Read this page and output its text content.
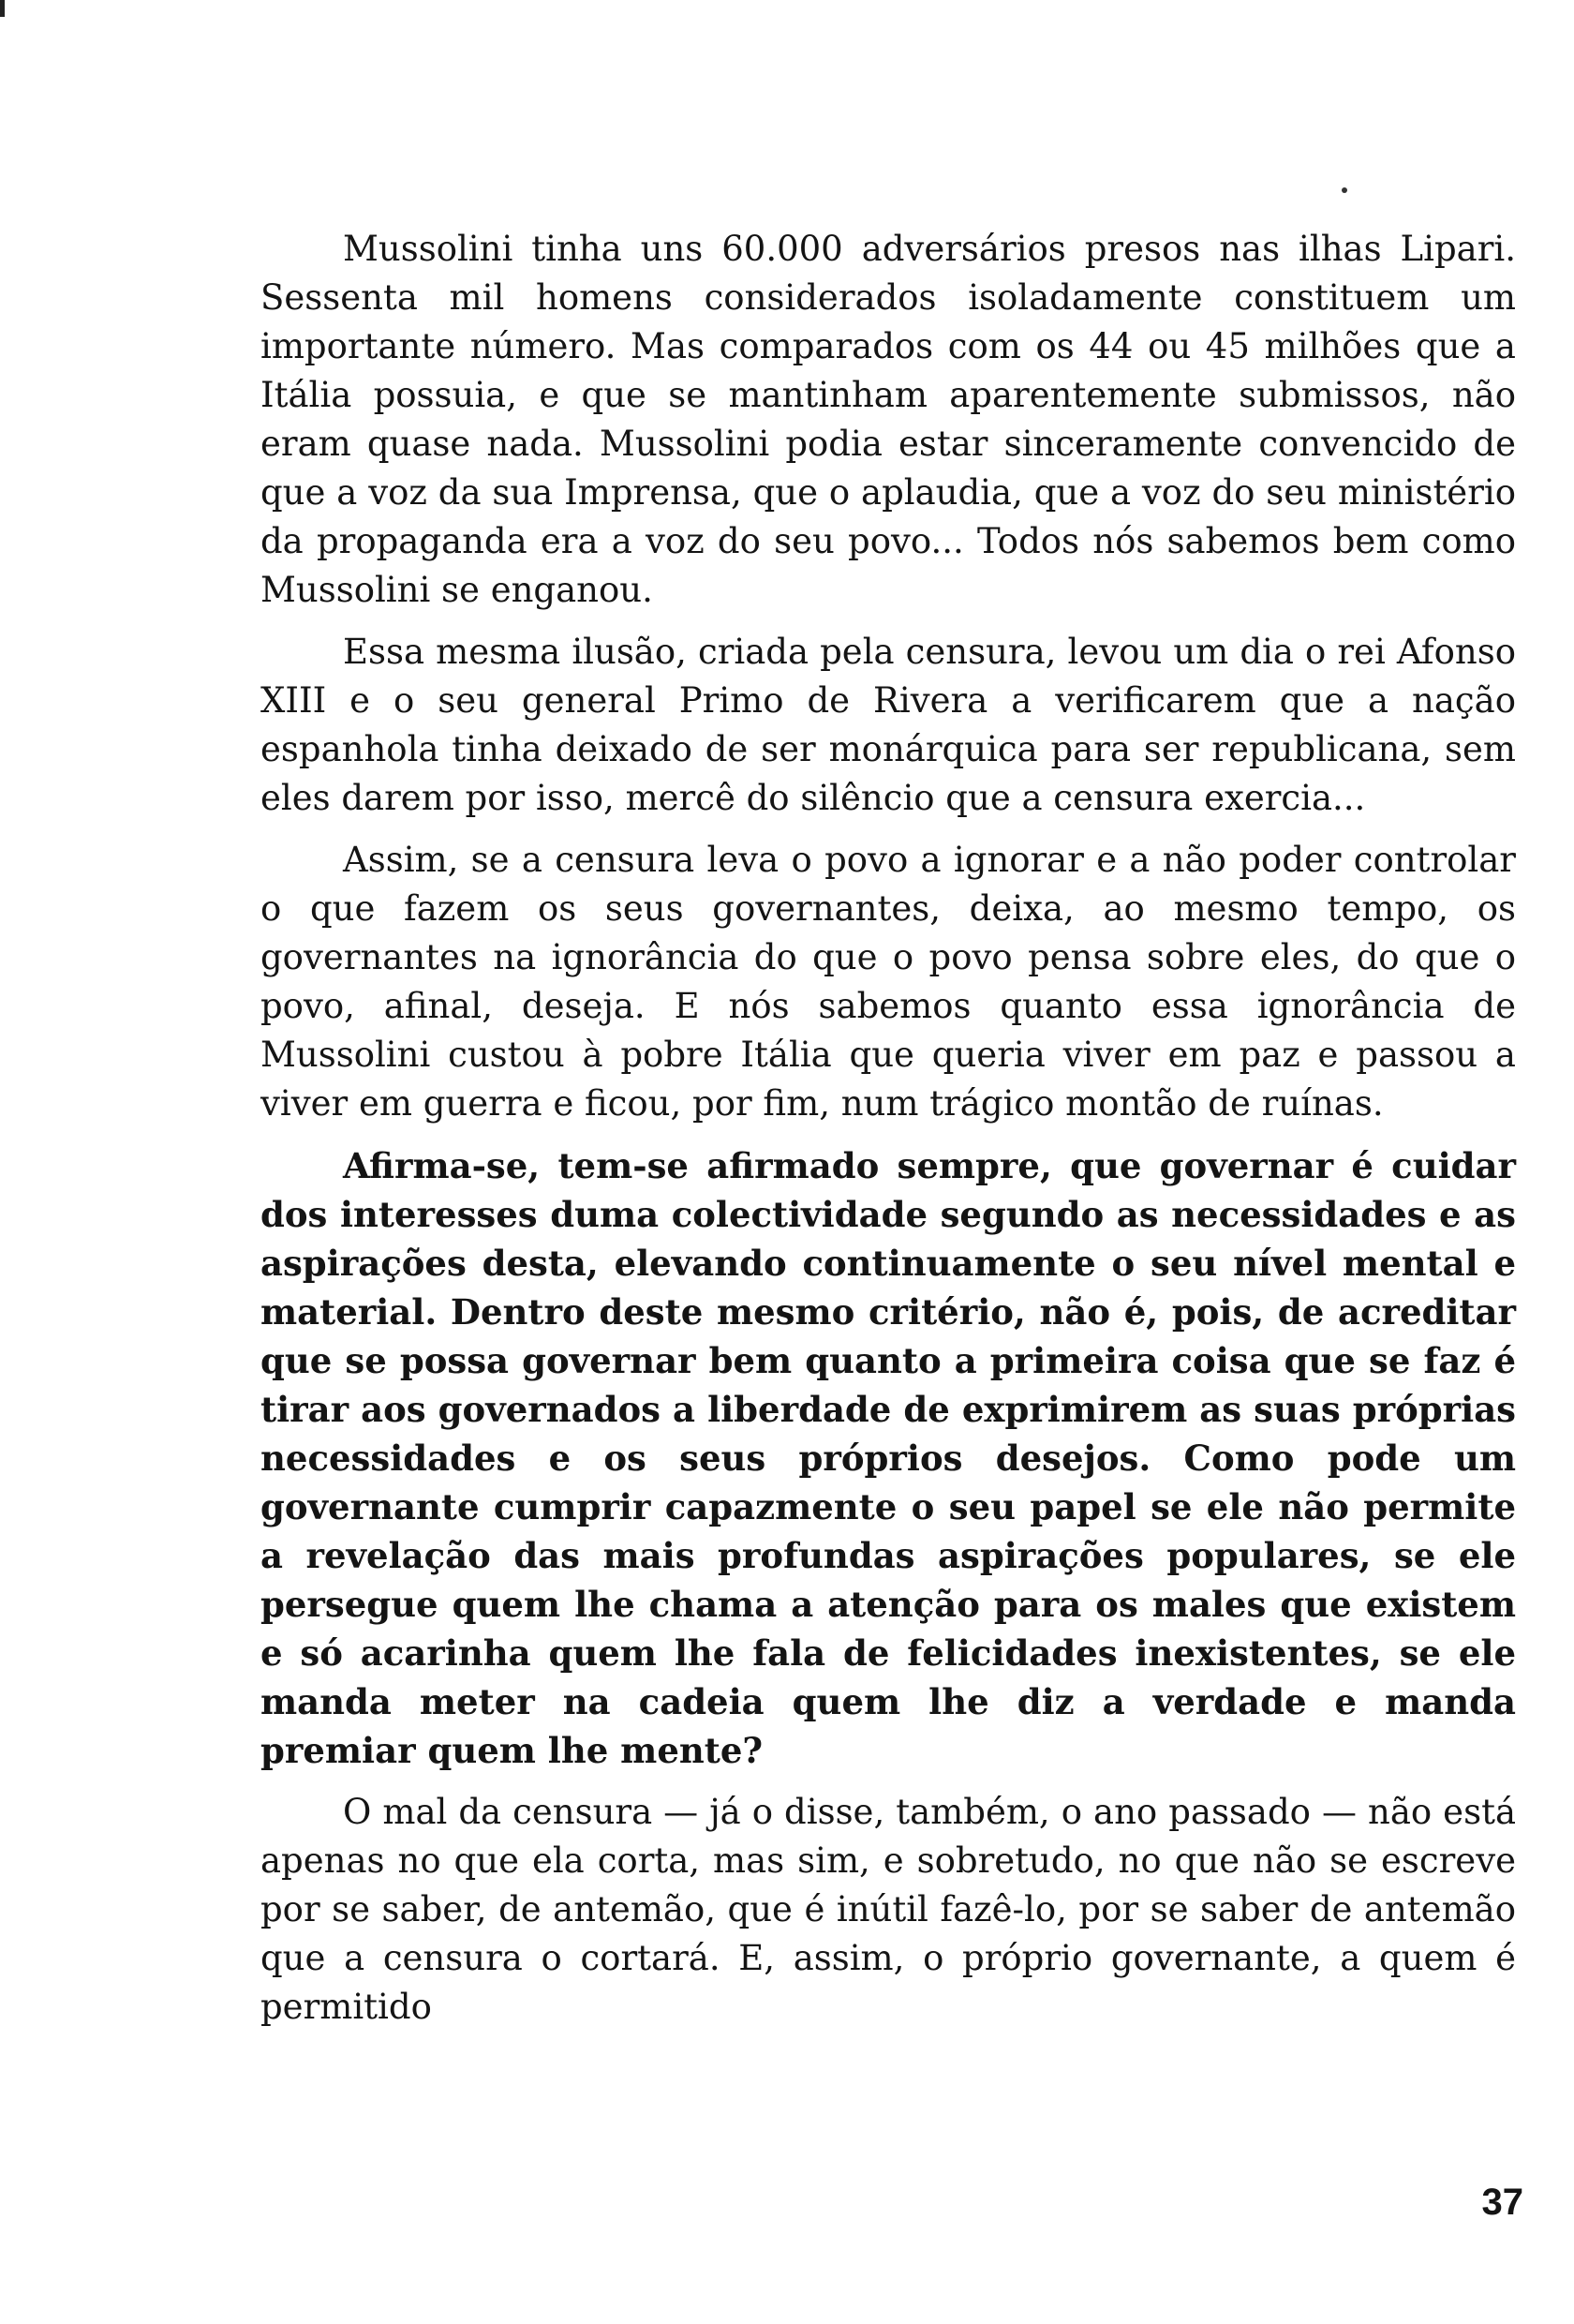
Mussolini tinha uns 60.000 adversários presos nas ilhas Lipari. Sessenta mil homens considerados isoladamente constituem um importante número. Mas comparados com os 44 ou 45 milhões que a Itália possuia, e que se mantinham aparentemente submissos, não eram quase nada. Mussolini podia estar sinceramente convencido de que a voz da sua Imprensa, que o aplaudia, que a voz do seu ministério da propaganda era a voz do seu povo... Todos nós sabemos bem como Mussolini se enganou.

Essa mesma ilusão, criada pela censura, levou um dia o rei Afonso XIII e o seu general Primo de Rivera a verificarem que a nação espanhola tinha deixado de ser monárquica para ser republicana, sem eles darem por isso, mercê do silêncio que a censura exercia...

Assim, se a censura leva o povo a ignorar e a não poder controlar o que fazem os seus governantes, deixa, ao mesmo tempo, os governantes na ignorância do que o povo pensa sobre eles, do que o povo, afinal, deseja. E nós sabemos quanto essa ignorância de Mussolini custou à pobre Itália que queria viver em paz e passou a viver em guerra e ficou, por fim, num trágico montão de ruínas.

Afirma-se, tem-se afirmado sempre, que governar é cuidar dos interesses duma colectividade segundo as necessidades e as aspirações desta, elevando continuamente o seu nível mental e material. Dentro deste mesmo critério, não é, pois, de acreditar que se possa governar bem quanto a primeira coisa que se faz é tirar aos governados a liberdade de exprimirem as suas próprias necessidades e os seus próprios desejos. Como pode um governante cumprir capazmente o seu papel se ele não permite a revelação das mais profundas aspirações populares, se ele persegue quem lhe chama a atenção para os males que existem e só acarinha quem lhe fala de felicidades inexistentes, se ele manda meter na cadeia quem lhe diz a verdade e manda premiar quem lhe mente?

O mal da censura — já o disse, também, o ano passado — não está apenas no que ela corta, mas sim, e sobretudo, no que não se escreve por se saber, de antemão, que é inútil fazê-lo, por se saber de antemão que a censura o cortará. E, assim, o próprio governante, a quem é permitido

37
